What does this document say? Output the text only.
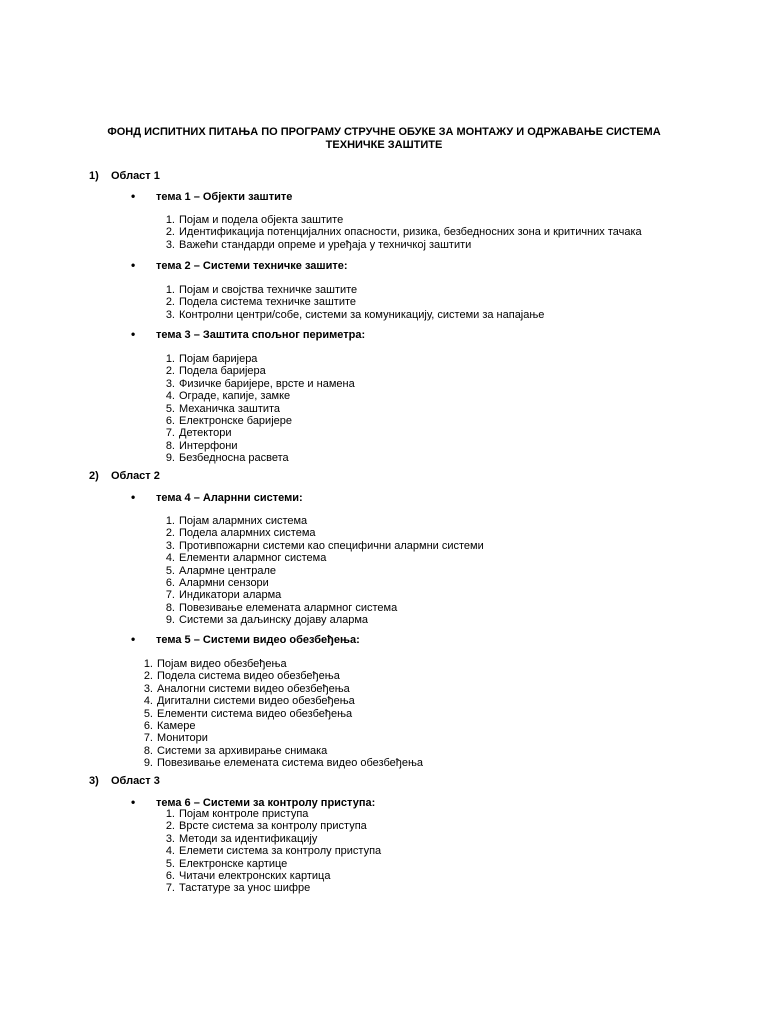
ФОНД ИСПИТНИХ ПИТАЊА ПО ПРОГРАМУ СТРУЧНЕ ОБУКЕ ЗА МОНТАЖУ И ОДРЖАВАЊЕ СИСТЕМА
ТЕХНИЧКЕ ЗАШТИТЕ
1) Област 1
• тема 1 – Објекти заштите
1. Појам и подела објекта заштите
2. Идентификација потенцијалних опасности, ризика, безбедносних зона и критичних тачака
3. Важећи стандарди опреме и уређаја у техничкој заштити
• тема 2 – Системи техничке зашите:
1. Појам и својства техничке заштите
2. Подела система техничке заштите
3. Контролни центри/собе, системи за комуникацију, системи за напајање
• тема 3 – Заштита спољног периметра:
1. Појам баријера
2. Подела баријера
3. Физичке баријере, врсте и намена
4. Ограде, капије, замке
5. Механичка заштита
6. Електронске баријере
7. Детектори
8. Интерфони
9. Безбедносна расвета
2) Област 2
• тема 4 – Аларнни системи:
1. Појам алармних система
2. Подела алармних система
3. Противпожарни системи као специфични алармни системи
4. Елементи алармног система
5. Алармне централе
6. Алармни сензори
7. Индикатори аларма
8. Повезивање елемената алармног система
9. Системи за даљинску дојаву аларма
• тема 5 – Системи видео обезбеђења:
1. Појам видео обезбеђења
2. Подела система видео обезбеђења
3. Аналогни системи видео обезбеђења
4. Дигитални системи видео обезбеђења
5. Елементи система видео обезбеђења
6. Камере
7. Монитори
8. Системи за архивирање снимака
9. Повезивање елемената система видео обезбеђења
3) Област 3
• тема 6 – Системи за контролу приступа:
1. Појам контроле приступа
2. Врсте система за контролу приступа
3. Методи за идентификацију
4. Елемети система за контролу приступа
5. Електронске картице
6. Читачи електронских картица
7. Тастатуре за унос шифре
